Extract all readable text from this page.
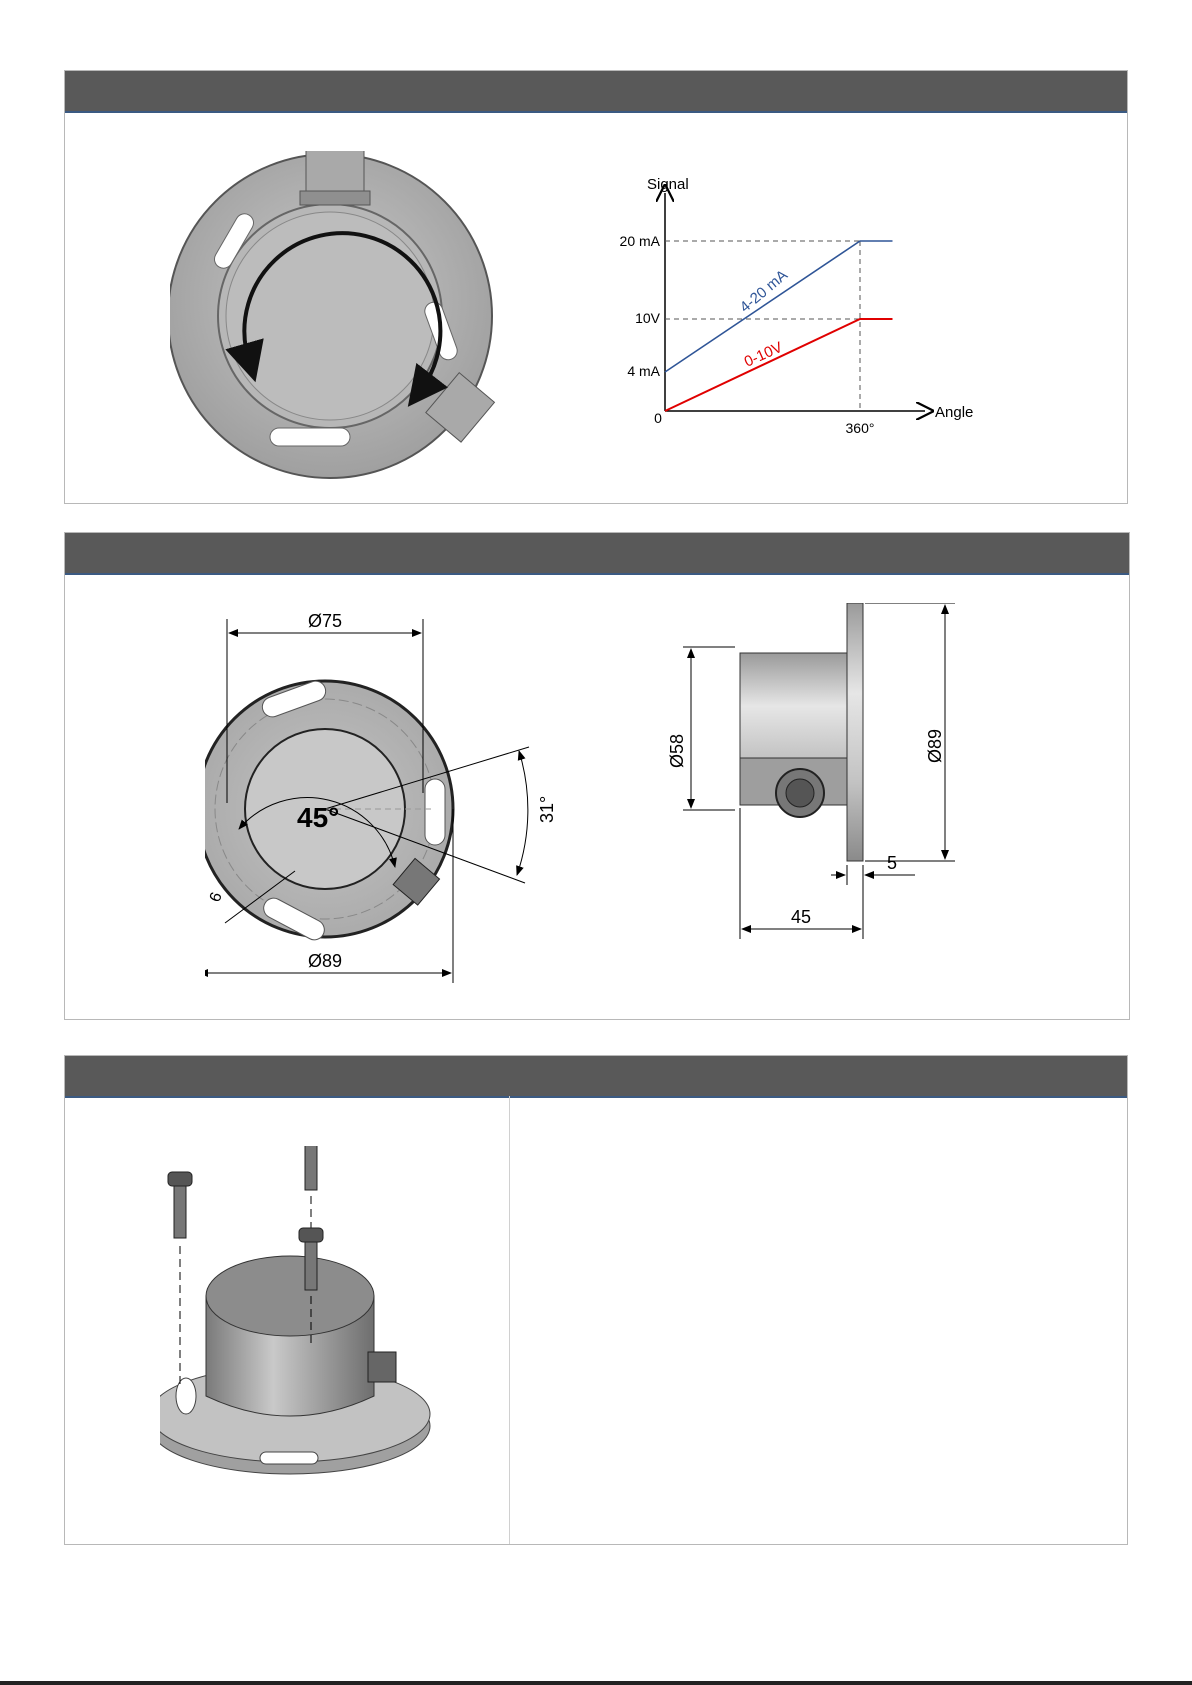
Signal
Angle
20 mA
10V
4 mA
0
360°
4-20 mA
0-10V
Ø75
Ø89
31°
45°
6
Ø58	Ø89
5
45
